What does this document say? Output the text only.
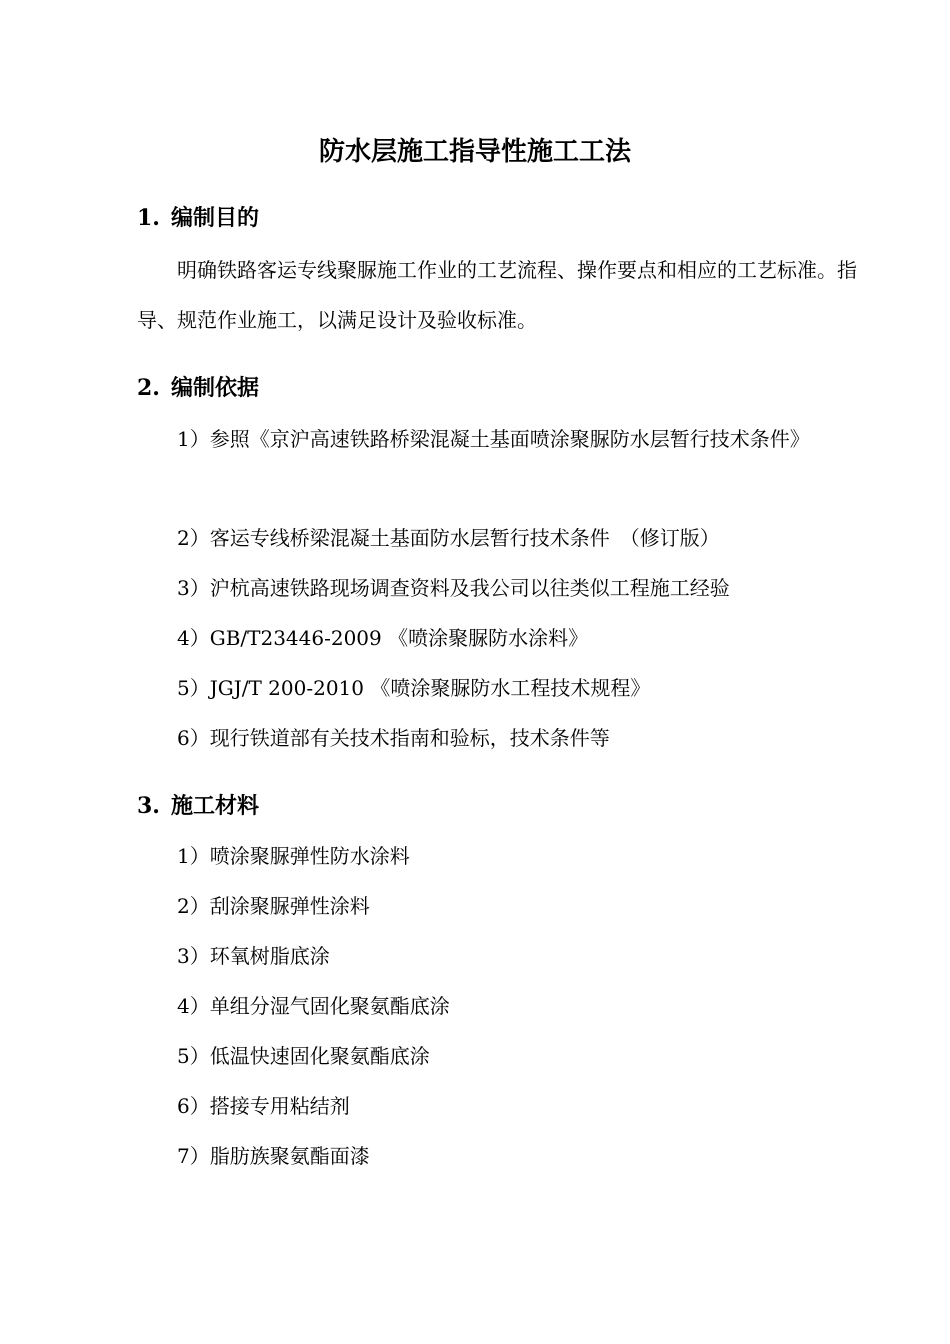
防水层施工指导性施工工法
1. 编制目的
明确铁路客运专线聚脲施工作业的工艺流程、操作要点和相应的工艺标准。指导、规范作业施工，以满足设计及验收标准。
2. 编制依据
1）参照《京沪高速铁路桥梁混凝土基面喷涂聚脲防水层暂行技术条件》
2）客运专线桥梁混凝土基面防水层暂行技术条件　（修订版）
3）沪杭高速铁路现场调查资料及我公司以往类似工程施工经验
4）GB/T23446-2009 《喷涂聚脲防水涂料》
5）JGJ/T 200-2010 《喷涂聚脲防水工程技术规程》
6）现行铁道部有关技术指南和验标，技术条件等
3. 施工材料
1）喷涂聚脲弹性防水涂料
2）刮涂聚脲弹性涂料
3）环氧树脂底涂
4）单组分湿气固化聚氨酯底涂
5）低温快速固化聚氨酯底涂
6）搭接专用粘结剂
7）脂肪族聚氨酯面漆
